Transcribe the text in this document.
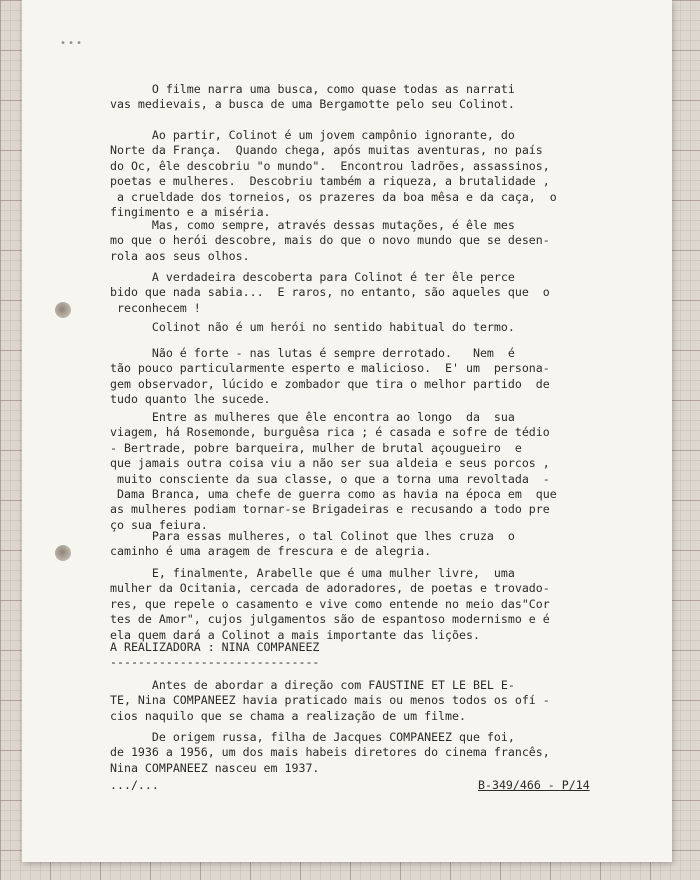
•••

O filme narra uma busca, como quase todas as narrati
vas medievais, a busca de uma Bergamotte pelo seu Colinot.

Ao partir, Colinot é um jovem campônio ignorante, do
Norte da França.  Quando chega, após muitas aventuras, no país
do Oc, êle descobriu "o mundo".  Encontrou ladrões, assassinos,
poetas e mulheres.  Descobriu também a riqueza, a brutalidade ,
a crueldade dos torneios, os prazeres da boa mêsa e da caça,  o
fingimento e a miséria.

Mas, como sempre, através dessas mutações, é êle mes
mo que o herói descobre, mais do que o novo mundo que se desen-
rola aos seus olhos.

A verdadeira descoberta para Colinot é ter êle perce
bido que nada sabia...  E raros, no entanto, são aqueles que  o
reconhecem !

Colinot não é um herói no sentido habitual do termo.

Não é forte - nas lutas é sempre derrotado.   Nem  é
tão pouco particularmente esperto e malicioso.  E' um  persona-
gem observador, lúcido e zombador que tira o melhor partido  de
tudo quanto lhe sucede.

Entre as mulheres que êle encontra ao longo  da  sua
viagem, há Rosemonde, burguêsa rica ; é casada e sofre de tédio
- Bertrade, pobre barqueira, mulher de brutal açougueiro  e
que jamais outra coisa viu a não ser sua aldeia e seus porcos ,
muito consciente da sua classe, o que a torna uma revoltada  -
Dama Branca, uma chefe de guerra como as havia na época em  que
as mulheres podiam tornar-se Brigadeiras e recusando a todo pre
ço sua feiura.

Para essas mulheres, o tal Colinot que lhes cruza  o
caminho é uma aragem de frescura e de alegria.

E, finalmente, Arabelle que é uma mulher livre,  uma
mulher da Ocitania, cercada de adoradores, de poetas e trovado-
res, que repele o casamento e vive como entende no meio das"Cor
tes de Amor", cujos julgamentos são de espantoso modernismo e é
ela quem dará a Colinot a mais importante das lições.

A REALIZADORA : NINA COMPANEEZ
------------------------------

Antes de abordar a direção com FAUSTINE ET LE BEL E-
TE, Nina COMPANEEZ havia praticado mais ou menos todos os ofí -
cios naquilo que se chama a realização de um filme.

De origem russa, filha de Jacques COMPANEEZ que foi,
de 1936 a 1956, um dos mais habeis diretores do cinema francês,
Nina COMPANEEZ nasceu em 1937.

.../...	B-349/466 - P/14
